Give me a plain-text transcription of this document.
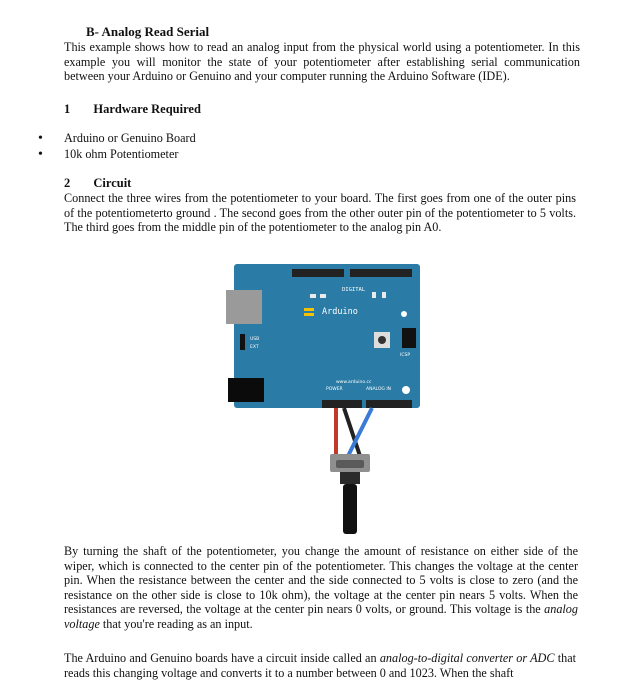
B- Analog Read Serial
This example shows how to read an analog input from the physical world using a potentiometer. In this example you will monitor the state of your potentiometer after establishing serial communication between your Arduino or Genuino and your computer running the Arduino Software (IDE).
1 Hardware Required
• Arduino or Genuino Board
• 10k ohm Potentiometer
2 Circuit
Connect the three wires from the potentiometer to your board. The first goes from one of the outer pins of the potentiometerto ground . The second goes from the other outer pin of the potentiometer to 5 volts. The third goes from the middle pin of the potentiometer to the analog pin A0.
DIGITAL
Arduino
USB
EXT
ICSP
www.arduino.cc
POWER	ANALOG IN
By turning the shaft of the potentiometer, you change the amount of resistance on either side of the wiper, which is connected to the center pin of the potentiometer. This changes the voltage at the center pin. When the resistance between the center and the side connected to 5 volts is close to zero (and the resistance on the other side is close to 10k ohm), the voltage at the center pin nears 5 volts. When the resistances are reversed, the voltage at the center pin nears 0 volts, or ground. This voltage is the analog voltage that you're reading as an input.
The Arduino and Genuino boards have a circuit inside called an analog-to-digital converter or ADC that reads this changing voltage and converts it to a number between 0 and 1023. When the shaft
